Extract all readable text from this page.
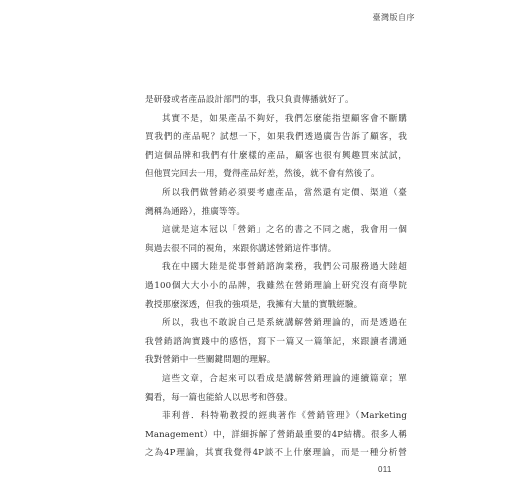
臺灣版自序
是研發或者產品設計部門的事，我只負責傳播就好了。
其實不是，如果產品不夠好，我們怎麼能指望顧客會不斷購
買我們的產品呢？試想一下，如果我們透過廣告告訴了顧客，我
們這個品牌和我們有什麼樣的產品，顧客也很有興趣買來試試，
但他買完回去一用，覺得產品好差，然後，就不會有然後了。
所以我們做營銷必須要考慮產品，當然還有定價、渠道（臺
灣稱為通路），推廣等等。
這就是這本冠以「營銷」之名的書之不同之處，我會用一個
與過去很不同的視角，來跟你講述營銷這件事情。
我在中國大陸是從事營銷諮詢業務，我們公司服務過大陸超
過100個大大小小的品牌，我雖然在營銷理論上研究沒有商學院
教授那麼深透，但我的強項是，我擁有大量的實戰經驗。
所以，我也不敢說自己是系統講解營銷理論的，而是透過在
我營銷諮詢實踐中的感悟，寫下一篇又一篇筆記，來跟讀者溝通
我對營銷中一些關鍵問題的理解。
這些文章，合起來可以看成是講解營銷理論的連續篇章；單
獨看，每一篇也能給人以思考和啓發。
菲利普．科特勒教授的經典著作《營銷管理》（Marketing
Management）中，詳細拆解了營銷最重要的4P結構。很多人稱
之為4P理論，其實我覺得4P談不上什麼理論，而是一種分析營
011
